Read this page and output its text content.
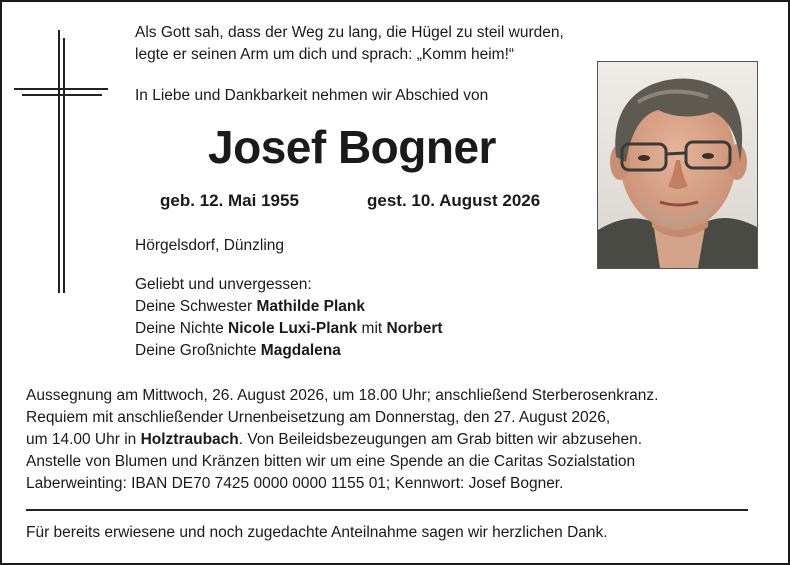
Als Gott sah, dass der Weg zu lang, die Hügel zu steil wurden,
legte er seinen Arm um dich und sprach: „Komm heim!“
In Liebe und Dankbarkeit nehmen wir Abschied von
Josef Bogner
geb. 12. Mai 1955	gest. 10. August 2026
Hörgelsdorf, Dünzling
Geliebt und unvergessen:
Deine Schwester Mathilde Plank
Deine Nichte Nicole Luxi-Plank mit Norbert
Deine Großnichte Magdalena
Aussegnung am Mittwoch, 26. August 2026, um 18.00 Uhr; anschließend Sterberosenkranz.
Requiem mit anschließender Urnenbeisetzung am Donnerstag, den 27. August 2026,
um 14.00 Uhr in Holztraubach. Von Beileidsbezeugungen am Grab bitten wir abzusehen.
Anstelle von Blumen und Kränzen bitten wir um eine Spende an die Caritas Sozialstation
Laberweinting: IBAN DE70 7425 0000 0000 1155 01; Kennwort: Josef Bogner.
Für bereits erwiesene und noch zugedachte Anteilnahme sagen wir herzlichen Dank.
